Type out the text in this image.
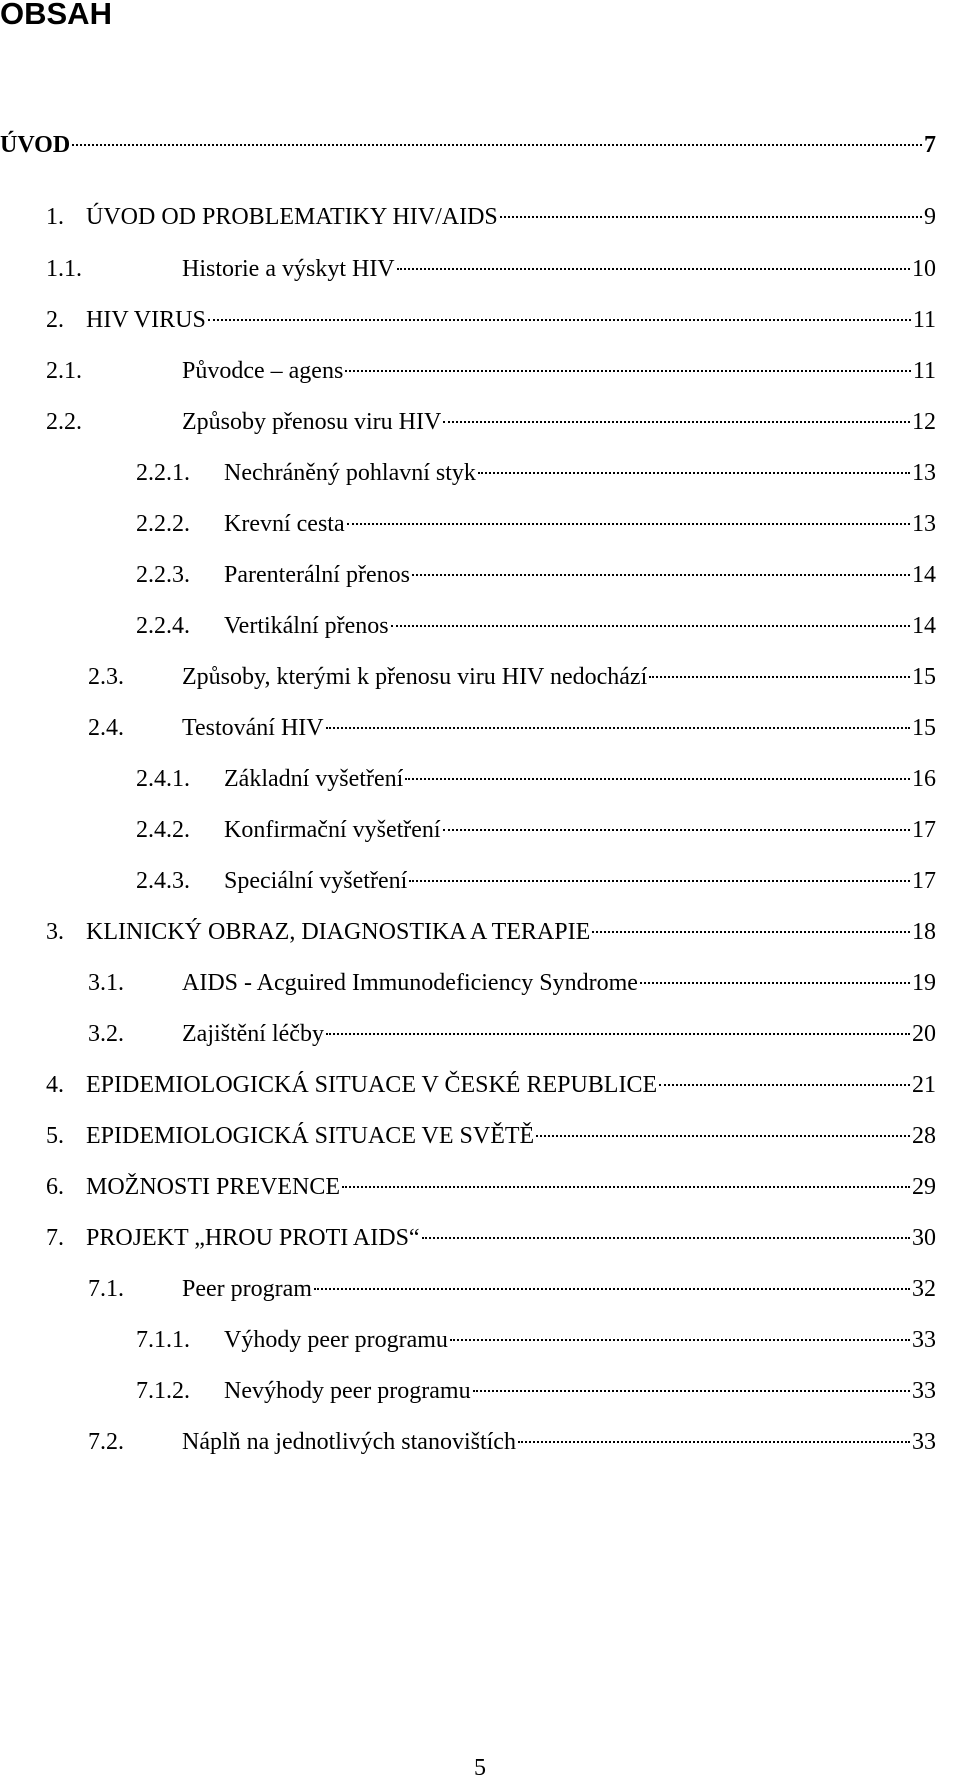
OBSAH
ÚVOD	7
1. ÚVOD OD PROBLEMATIKY HIV/AIDS	9
1.1.	Historie a výskyt HIV	10
2. HIV VIRUS	11
2.1.	Původce – agens	11
2.2.	Způsoby přenosu viru HIV	12
2.2.1.	Nechráněný pohlavní styk	13
2.2.2.	Krevní cesta	13
2.2.3.	Parenterální přenos	14
2.2.4.	Vertikální přenos	14
2.3.	Způsoby, kterými k přenosu viru HIV nedochází	15
2.4.	Testování HIV	15
2.4.1.	Základní vyšetření	16
2.4.2.	Konfirmační vyšetření	17
2.4.3.	Speciální vyšetření	17
3. KLINICKÝ OBRAZ, DIAGNOSTIKA A TERAPIE	18
3.1.	AIDS - Acguired Immunodeficiency Syndrome	19
3.2.	Zajištění léčby	20
4. EPIDEMIOLOGICKÁ SITUACE V ČESKÉ REPUBLICE	21
5. EPIDEMIOLOGICKÁ SITUACE VE SVĚTĚ	28
6. MOŽNOSTI PREVENCE	29
7. PROJEKT „HROU PROTI AIDS“	30
7.1.	Peer program	32
7.1.1.	Výhody peer programu	33
7.1.2.	Nevýhody peer programu	33
7.2.	Náplň na jednotlivých stanovištích	33
5
